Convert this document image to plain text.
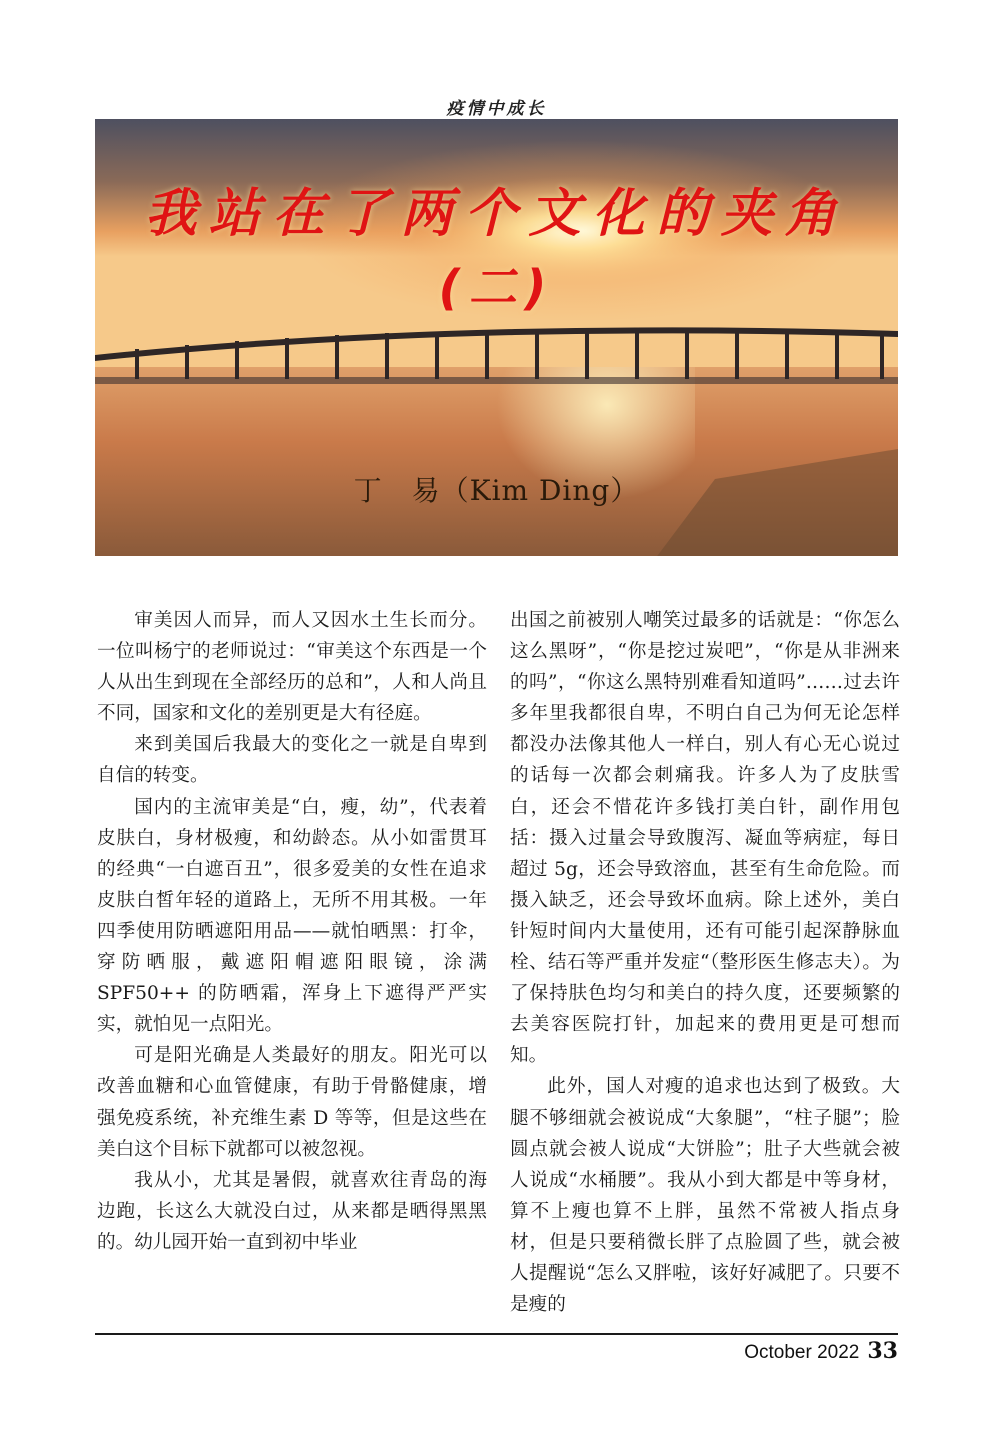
疫情中成长
我站在了两个文化的夹角
(二)
丁　易（Kim Ding）

审美因人而异，而人又因水土生长而分。一位叫杨宁的老师说过：“审美这个东西是一个人从出生到现在全部经历的总和”，人和人尚且不同，国家和文化的差别更是大有径庭。

来到美国后我最大的变化之一就是自卑到自信的转变。

国内的主流审美是“白，瘦，幼”，代表着皮肤白，身材极瘦，和幼龄态。从小如雷贯耳的经典“一白遮百丑”，很多爱美的女性在追求皮肤白皙年轻的道路上，无所不用其极。一年四季使用防晒遮阳用品——就怕晒黑：打伞，穿防晒服，戴遮阳帽遮阳眼镜，涂满 SPF50++ 的防晒霜，浑身上下遮得严严实实，就怕见一点阳光。

可是阳光确是人类最好的朋友。阳光可以改善血糖和心血管健康，有助于骨骼健康，增强免疫系统，补充维生素 D 等等，但是这些在美白这个目标下就都可以被忽视。

我从小，尤其是暑假，就喜欢往青岛的海边跑，长这么大就没白过，从来都是晒得黑黑的。幼儿园开始一直到初中毕业

出国之前被别人嘲笑过最多的话就是：“你怎么这么黑呀”，“你是挖过炭吧”，“你是从非洲来的吗”，“你这么黑特别难看知道吗”……过去许多年里我都很自卑，不明白自己为何无论怎样都没办法像其他人一样白，别人有心无心说过的话每一次都会刺痛我。许多人为了皮肤雪白，还会不惜花许多钱打美白针，副作用包括：摄入过量会导致腹泻、凝血等病症，每日超过 5g，还会导致溶血，甚至有生命危险。而摄入缺乏，还会导致坏血病。除上述外，美白针短时间内大量使用，还有可能引起深静脉血栓、结石等严重并发症“（整形医生修志夫）。为了保持肤色均匀和美白的持久度，还要频繁的去美容医院打针，加起来的费用更是可想而知。

此外，国人对瘦的追求也达到了极致。大腿不够细就会被说成“大象腿”，“柱子腿”；脸圆点就会被人说成“大饼脸”；肚子大些就会被人说成“水桶腰”。我从小到大都是中等身材，算不上瘦也算不上胖，虽然不常被人指点身材，但是只要稍微长胖了点脸圆了些，就会被人提醒说“怎么又胖啦，该好好减肥了。只要不是瘦的

October 2022 33
